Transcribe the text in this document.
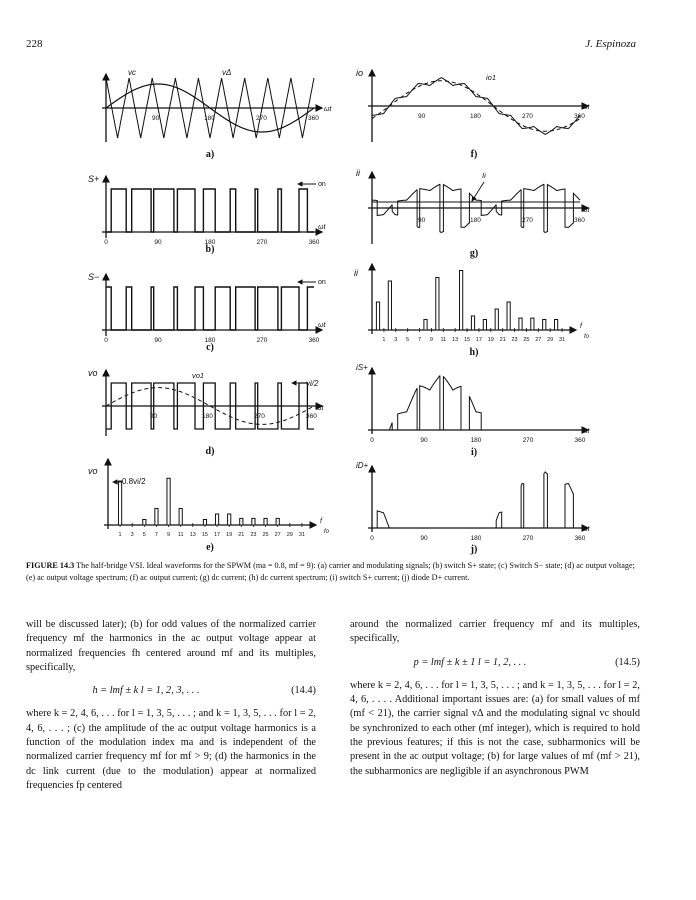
228	J. Espinoza
vc	vΔ
ωt
90	180	270	360
a)
S+
on
ωt
0	90	180	270	360
b)
S−
on
ωt
0	90	180	270	360
c)
vo	vo1
vi/2
ωt
90	180	270	360
d)
1 3 5 7 9 11 13 15 17 19 21 23 25 27 29 31
f
fo
vo
0.8vi/2
e)
1 3 5 7 9 11 13 15 17 19 21 23 25 27 29 31
f
fo
ii
h)
io	io1
ωt
90	180	270	360
f)
ii	Ii
ωt
90	180	270	360
g)
iS+
ωt
0	90	180	270	360
i)
iD+
ωt
0	90	180	270	360
j)
FIGURE 14.3 The half-bridge VSI. Ideal waveforms for the SPWM (ma = 0.8, mf = 9): (a) carrier and modulating signals; (b) switch S+ state; (c) Switch S− state; (d) ac output voltage; (e) ac output voltage spectrum; (f) ac output current; (g) dc current; (h) dc current spectrum; (i) switch S+ current; (j) diode D+ current.

will be discussed later); (b) for odd values of the normalized carrier frequency mf the harmonics in the ac output voltage appear at normalized frequencies fh centered around mf and its multiples, specifically,

h = lmf ± k l = 1, 2, 3, . . .	(14.4)

where k = 2, 4, 6, . . . for l = 1, 3, 5, . . . ; and k = 1, 3, 5, . . . for l = 2, 4, 6, . . . ; (c) the amplitude of the ac output voltage harmonics is a function of the modulation index ma and is independent of the normalized carrier frequency mf for mf > 9; (d) the harmonics in the dc link current (due to the modulation) appear at normalized frequencies fp centered

around the normalized carrier frequency mf and its multiples, specifically,

p = lmf ± k ± 1 l = 1, 2, . . .	(14.5)

where k = 2, 4, 6, . . . for l = 1, 3, 5, . . . ; and k = 1, 3, 5, . . . for l = 2, 4, 6, . . . . Additional important issues are: (a) for small values of mf (mf < 21), the carrier signal vΔ and the modulating signal vc should be synchronized to each other (mf integer), which is required to hold the previous features; if this is not the case, subharmonics will be present in the ac output voltage; (b) for large values of mf (mf > 21), the subharmonics are negligible if an asynchronous PWM
